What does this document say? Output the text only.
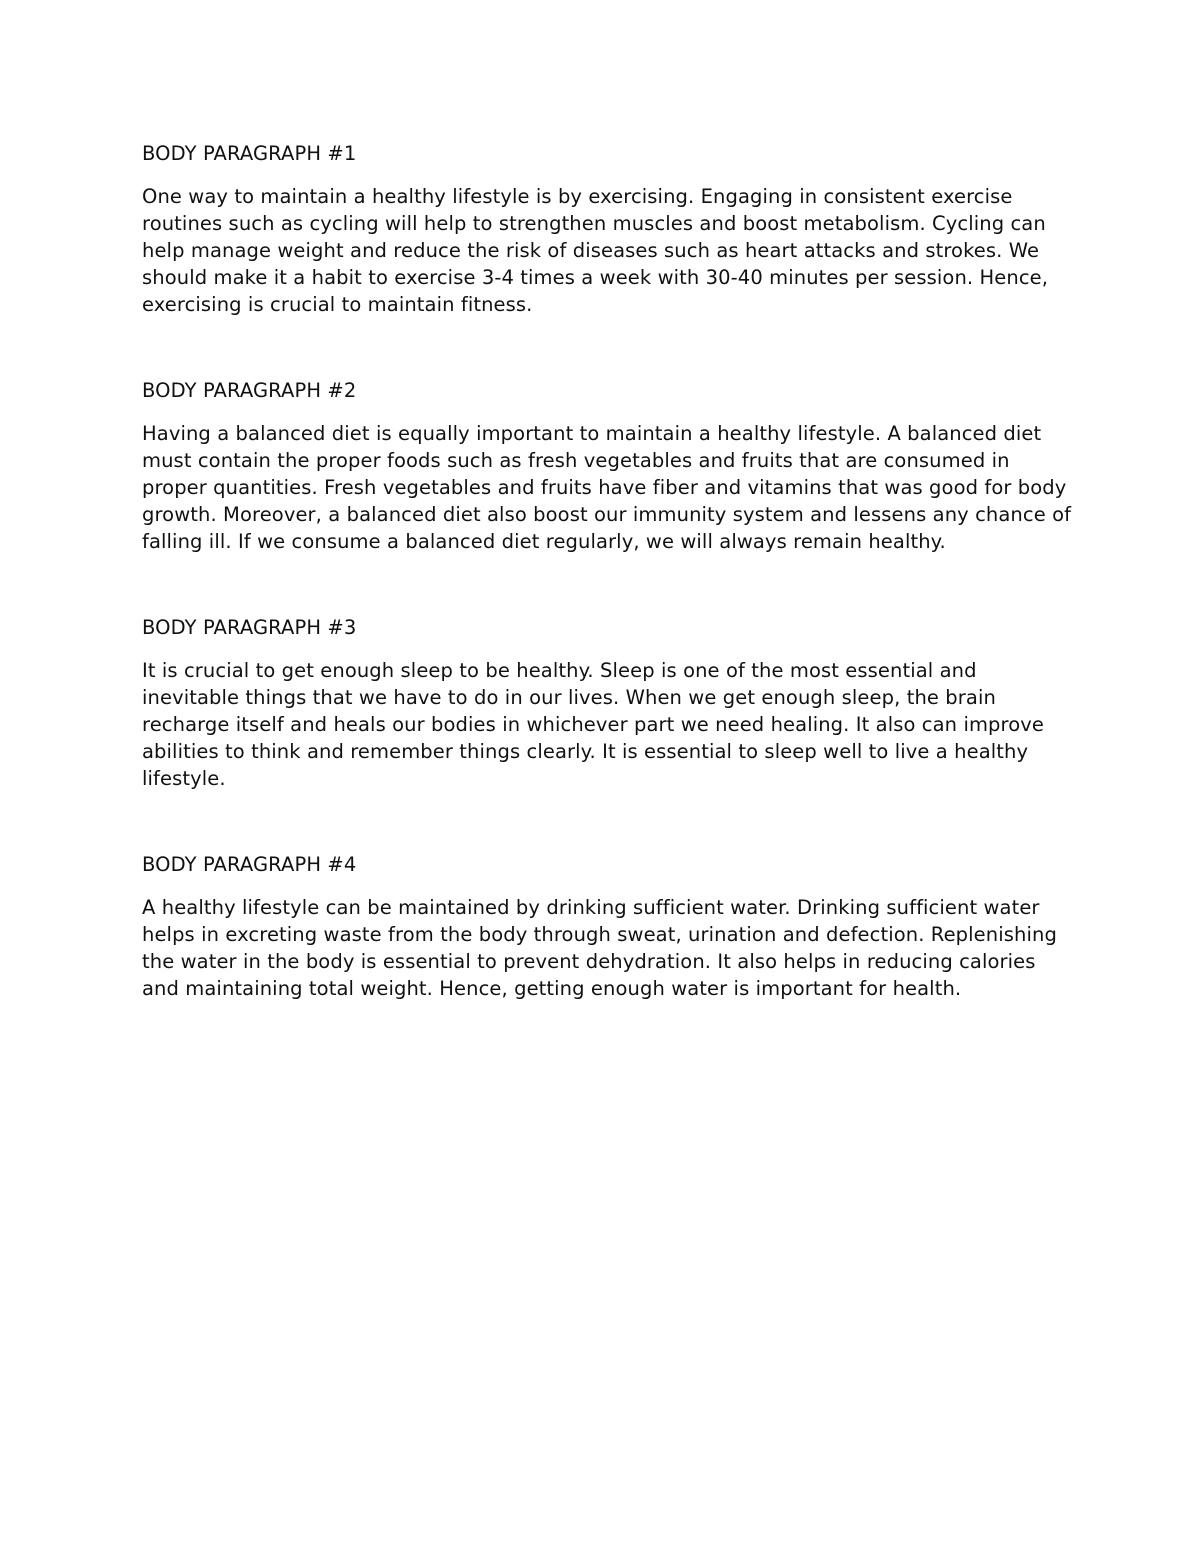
BODY PARAGRAPH #1

One way to maintain a healthy lifestyle is by exercising. Engaging in consistent exercise routines such as cycling will help to strengthen muscles and boost metabolism. Cycling can help manage weight and reduce the risk of diseases such as heart attacks and strokes. We should make it a habit to exercise 3-4 times a week with 30-40 minutes per session. Hence, exercising is crucial to maintain fitness.

BODY PARAGRAPH #2

Having a balanced diet is equally important to maintain a healthy lifestyle. A balanced diet must contain the proper foods such as fresh vegetables and fruits that are consumed in proper quantities. Fresh vegetables and fruits have fiber and vitamins that was good for body growth. Moreover, a balanced diet also boost our immunity system and lessens any chance of falling ill. If we consume a balanced diet regularly, we will always remain healthy.

BODY PARAGRAPH #3

It is crucial to get enough sleep to be healthy. Sleep is one of the most essential and inevitable things that we have to do in our lives. When we get enough sleep, the brain recharge itself and heals our bodies in whichever part we need healing. It also can improve abilities to think and remember things clearly. It is essential to sleep well to live a healthy lifestyle.

BODY PARAGRAPH #4

A healthy lifestyle can be maintained by drinking sufficient water. Drinking sufficient water helps in excreting waste from the body through sweat, urination and defection. Replenishing the water in the body is essential to prevent dehydration. It also helps in reducing calories and maintaining total weight. Hence, getting enough water is important for health.
